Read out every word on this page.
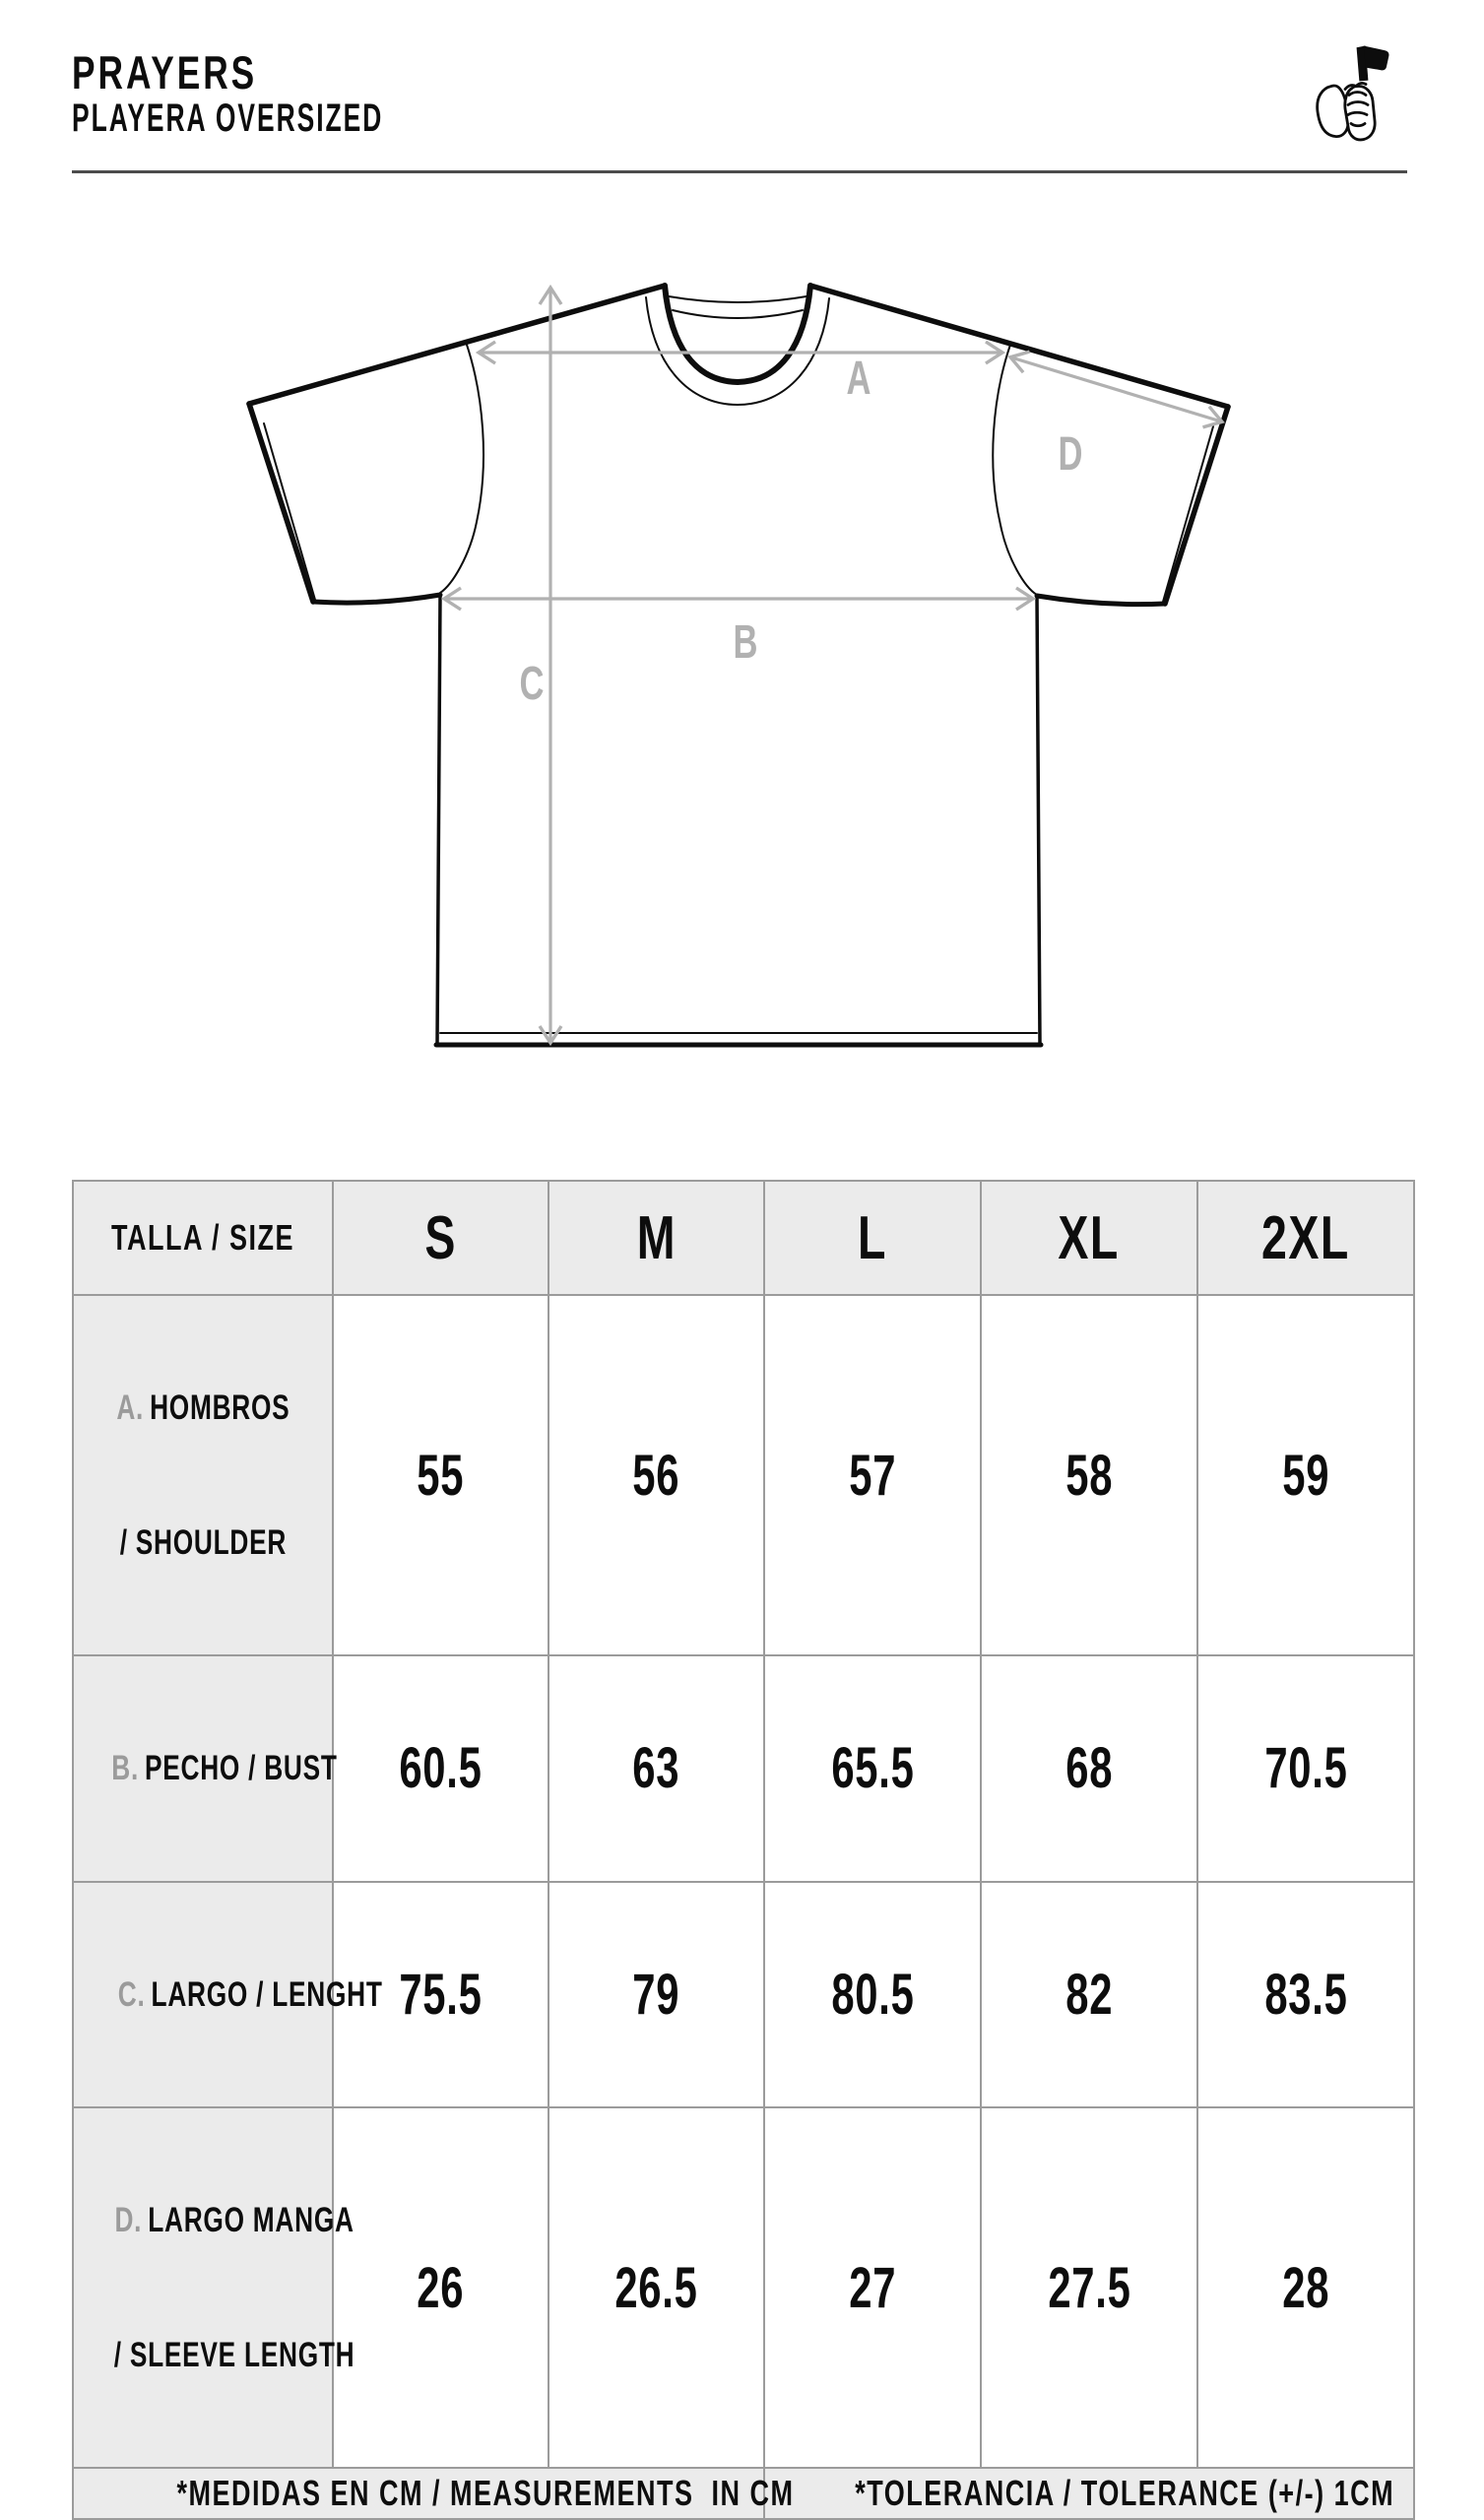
PRAYERS
PLAYERA OVERSIZED
A
B
C
D
TALLA / SIZE	S	M	L	XL	2XL

A. HOMBROS

/ SHOULDER	55	56	57	58	59

B. PECHO / BUST	60.5	63	65.5	68	70.5

C. LARGO / LENGHT	75.5	79	80.5	82	83.5

D. LARGO MANGA

/ SLEEVE LENGTH	26	26.5	27	27.5	28
*MEDIDAS EN CM / MEASUREMENTS  IN CM			*TOLERANCIA / TOLERANCE (+/-) 1CM		
